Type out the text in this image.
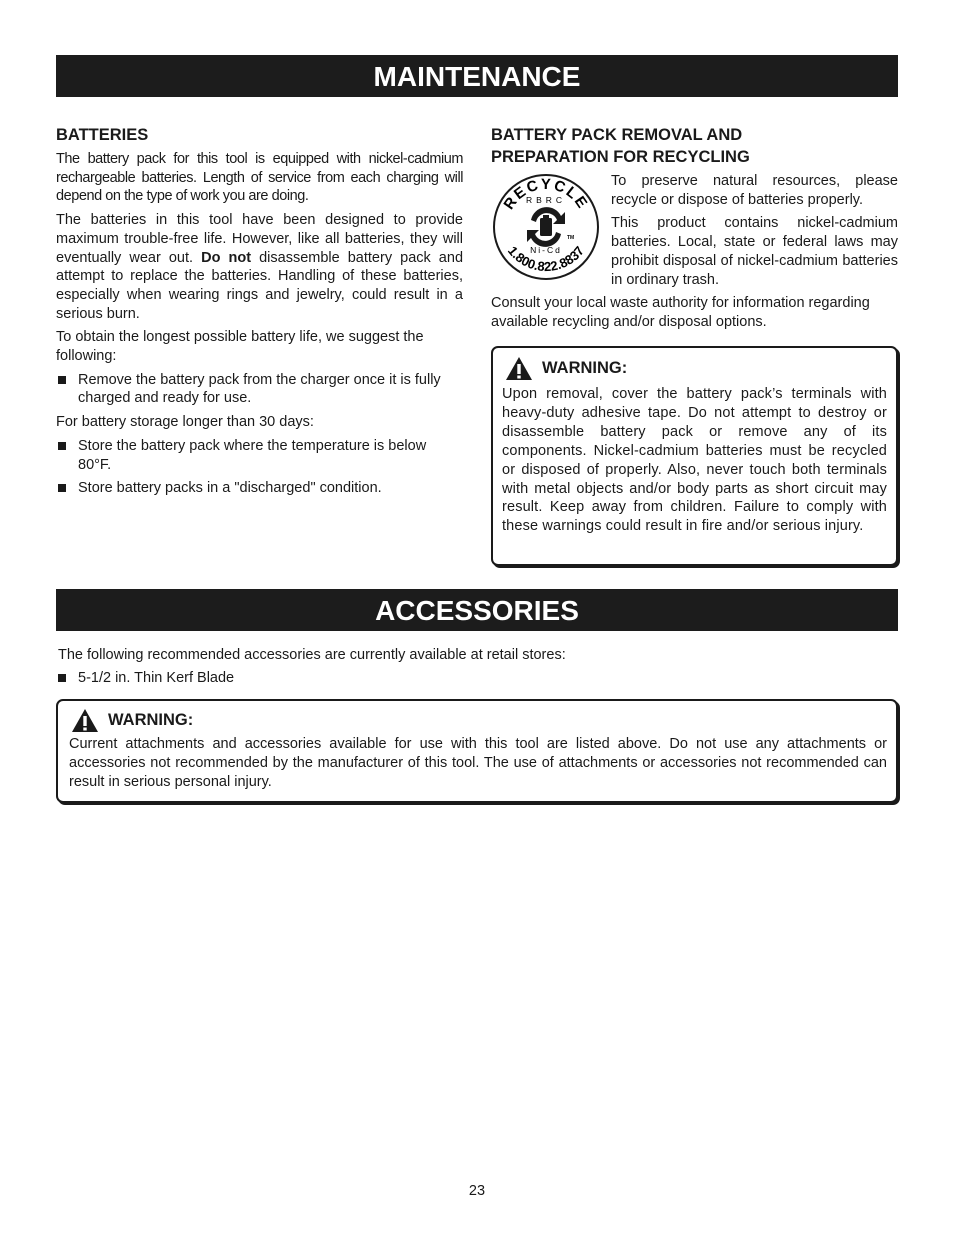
MAINTENANCE
BATTERIES

The battery pack for this tool is equipped with nickel-cadmium rechargeable batteries. Length of service from each charging will depend on the type of work you are doing.

The batteries in this tool have been designed to provide maximum trouble-free life. However, like all batteries, they will eventually wear out. Do not disassemble battery pack and attempt to replace the batteries. Handling of these batteries, especially when wearing rings and jewelry, could result in a serious burn.

To obtain the longest possible battery life, we suggest the following:

Remove the battery pack from the charger once it is fully charged and ready for use.

For battery storage longer than 30 days:

Store the battery pack where the temperature is below 80°F.
Store battery packs in a "discharged" condition.
BATTERY PACK REMOVAL AND
PREPARATION FOR RECYCLING
RECYCLE
RBRC
TM
Ni-Cd
1.800.822.8837

To preserve natural resources, please recycle or dispose of batteries properly.

This product contains nickel-cadmium batteries. Local, state or federal laws may prohibit disposal of nickel-cadmium batteries in ordinary trash.

Consult your local waste authority for information regarding available recycling and/or disposal options.

WARNING:
Upon removal, cover the battery pack’s terminals with heavy-duty adhesive tape. Do not attempt to destroy or disassemble battery pack or remove any of its components. Nickel-cadmium batteries must be recycled or disposed of properly. Also, never touch both terminals with metal objects and/or body parts as short circuit may result. Keep away from children. Failure to comply with these warnings could result in fire and/or serious injury.
ACCESSORIES

The following recommended accessories are currently available at retail stores:

5-1/2 in. Thin Kerf Blade
WARNING:
Current attachments and accessories available for use with this tool are listed above. Do not use any attachments or accessories not recommended by the manufacturer of this tool. The use of attachments or accessories not recommended can result in serious personal injury.
23
